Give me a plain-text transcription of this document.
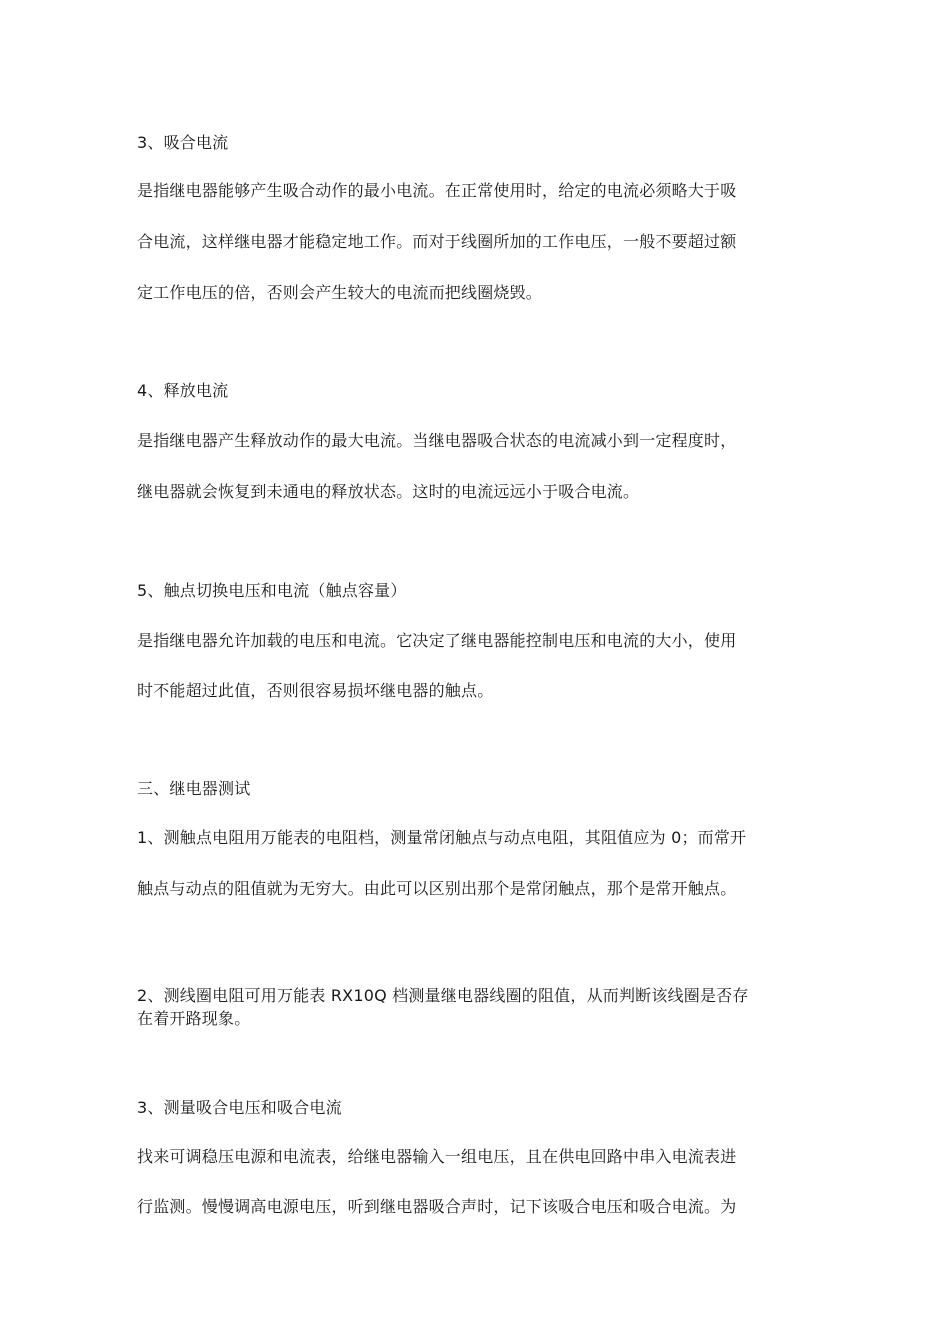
3、吸合电流

是指继电器能够产生吸合动作的最小电流。在正常使用时，给定的电流必须略大于吸

合电流，这样继电器才能稳定地工作。而对于线圈所加的工作电压，一般不要超过额

定工作电压的倍，否则会产生较大的电流而把线圈烧毁。

4、释放电流

是指继电器产生释放动作的最大电流。当继电器吸合状态的电流减小到一定程度时，

继电器就会恢复到未通电的释放状态。这时的电流远远小于吸合电流。

5、触点切换电压和电流（触点容量）

是指继电器允许加载的电压和电流。它决定了继电器能控制电压和电流的大小，使用

时不能超过此值，否则很容易损坏继电器的触点。

三、继电器测试

1、测触点电阻用万能表的电阻档，测量常闭触点与动点电阻，其阻值应为 0；而常开

触点与动点的阻值就为无穷大。由此可以区别出那个是常闭触点，那个是常开触点。

2、测线圈电阻可用万能表 RX10Q 档测量继电器线圈的阻值，从而判断该线圈是否存

在着开路现象。

3、测量吸合电压和吸合电流

找来可调稳压电源和电流表，给继电器输入一组电压，且在供电回路中串入电流表进

行监测。慢慢调高电源电压，听到继电器吸合声时，记下该吸合电压和吸合电流。为
